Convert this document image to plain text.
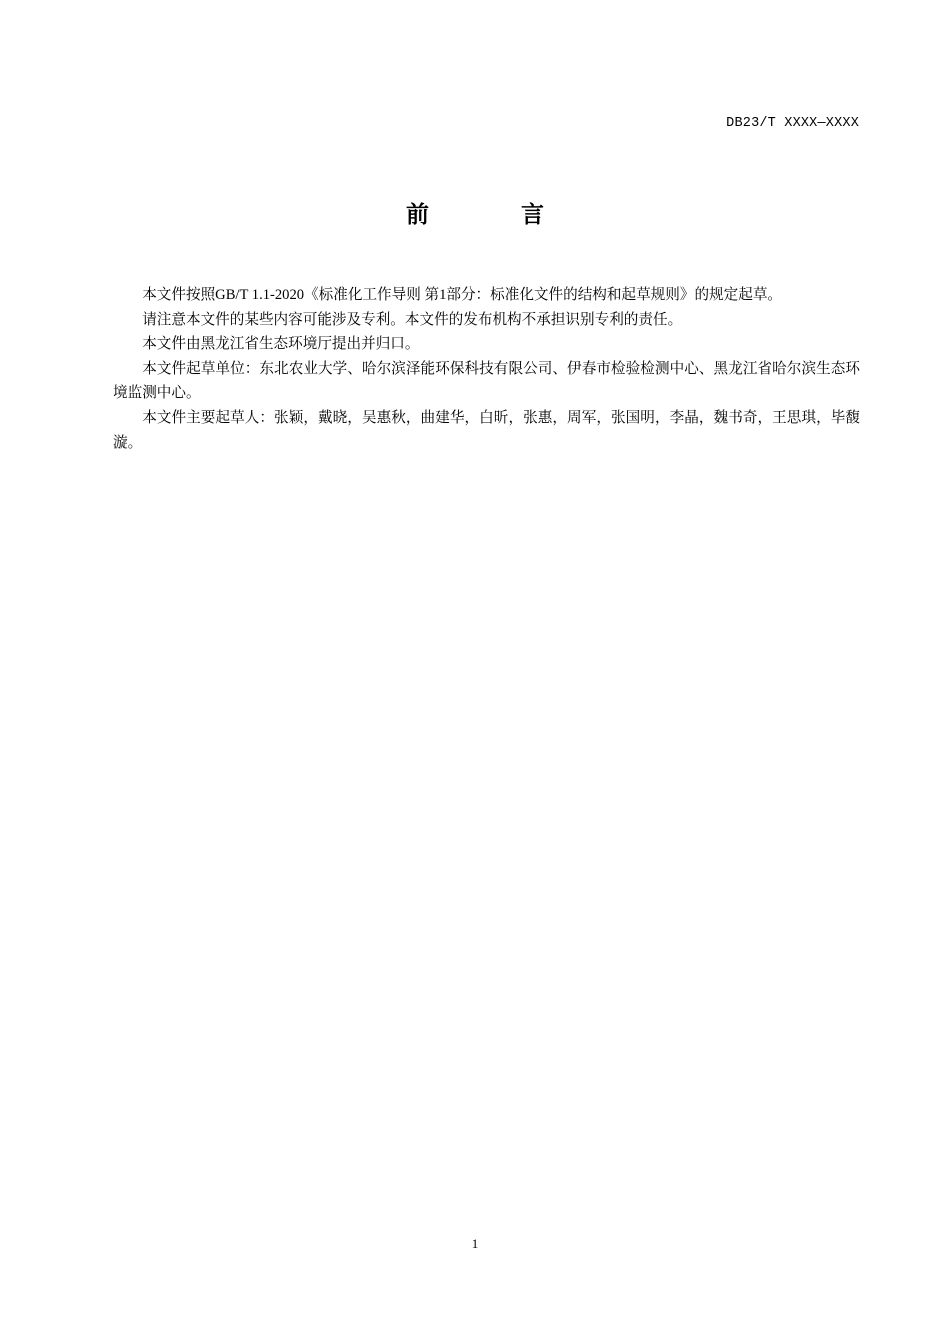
DB23/T XXXX—XXXX
前 言

本文件按照GB/T 1.1-2020《标准化工作导则 第1部分：标准化文件的结构和起草规则》的规定起草。

请注意本文件的某些内容可能涉及专利。本文件的发布机构不承担识别专利的责任。

本文件由黑龙江省生态环境厅提出并归口。

本文件起草单位：东北农业大学、哈尔滨泽能环保科技有限公司、伊春市检验检测中心、黑龙江省哈尔滨生态环境监测中心。

本文件主要起草人：张颖，戴晓，吴惠秋，曲建华，白昕，张惠，周军，张国明，李晶，魏书奇，王思琪，毕馥漩。

1
